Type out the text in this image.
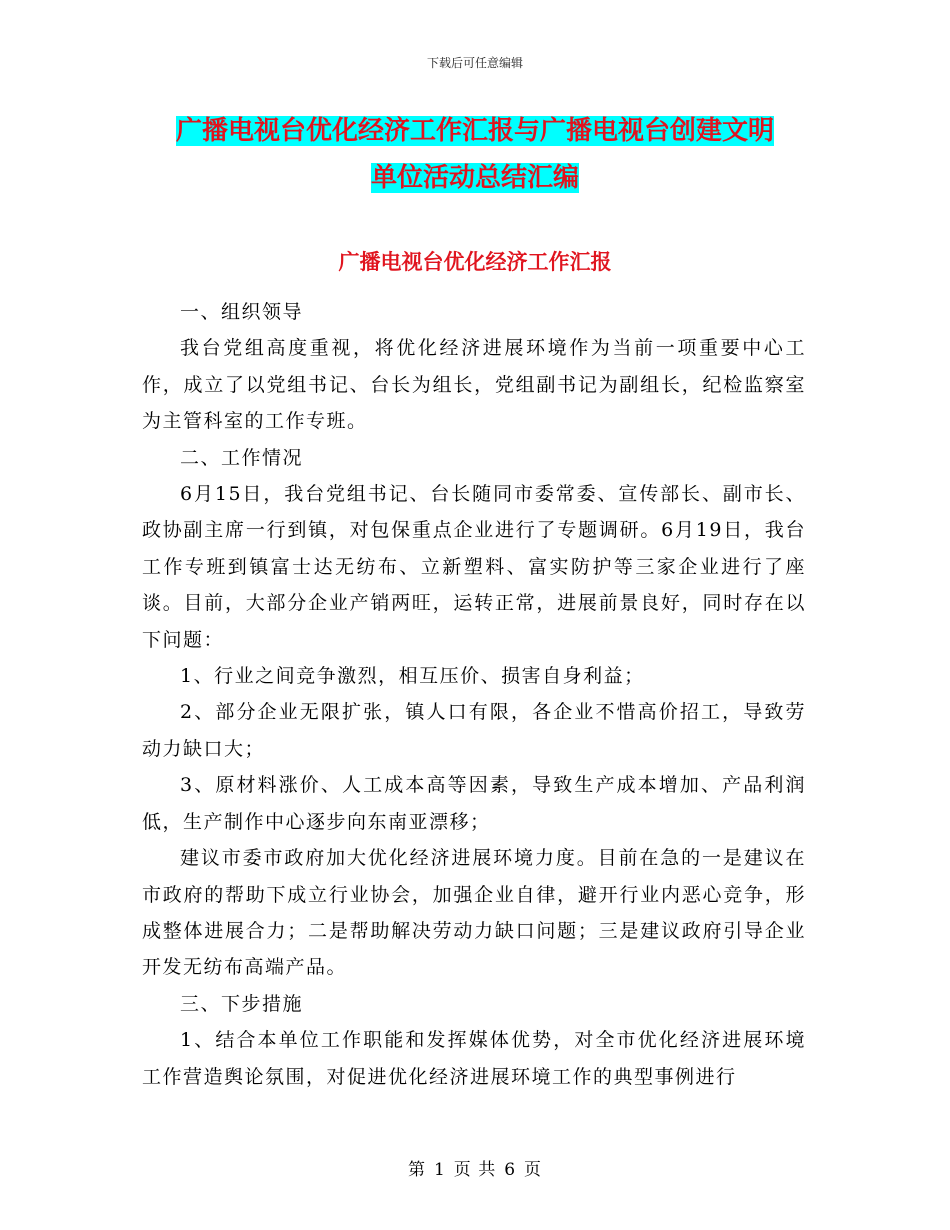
下载后可任意编辑
广播电视台优化经济工作汇报与广播电视台创建文明
单位活动总结汇编
广播电视台优化经济工作汇报

一、组织领导

我台党组高度重视，将优化经济进展环境作为当前一项重要中心工作，成立了以党组书记、台长为组长，党组副书记为副组长，纪检监察室为主管科室的工作专班。

二、工作情况

6月15日，我台党组书记、台长随同市委常委、宣传部长、副市长、政协副主席一行到镇，对包保重点企业进行了专题调研。6月19日，我台工作专班到镇富士达无纺布、立新塑料、富实防护等三家企业进行了座谈。目前，大部分企业产销两旺，运转正常，进展前景良好，同时存在以下问题：

1、行业之间竞争激烈，相互压价、损害自身利益；

2、部分企业无限扩张，镇人口有限，各企业不惜高价招工，导致劳动力缺口大；

3、原材料涨价、人工成本高等因素，导致生产成本增加、产品利润低，生产制作中心逐步向东南亚漂移；

建议市委市政府加大优化经济进展环境力度。目前在急的一是建议在市政府的帮助下成立行业协会，加强企业自律，避开行业内恶心竞争，形成整体进展合力；二是帮助解决劳动力缺口问题；三是建议政府引导企业开发无纺布高端产品。

三、下步措施

1、结合本单位工作职能和发挥媒体优势，对全市优化经济进展环境工作营造舆论氛围，对促进优化经济进展环境工作的典型事例进行

第 1 页 共 6 页
